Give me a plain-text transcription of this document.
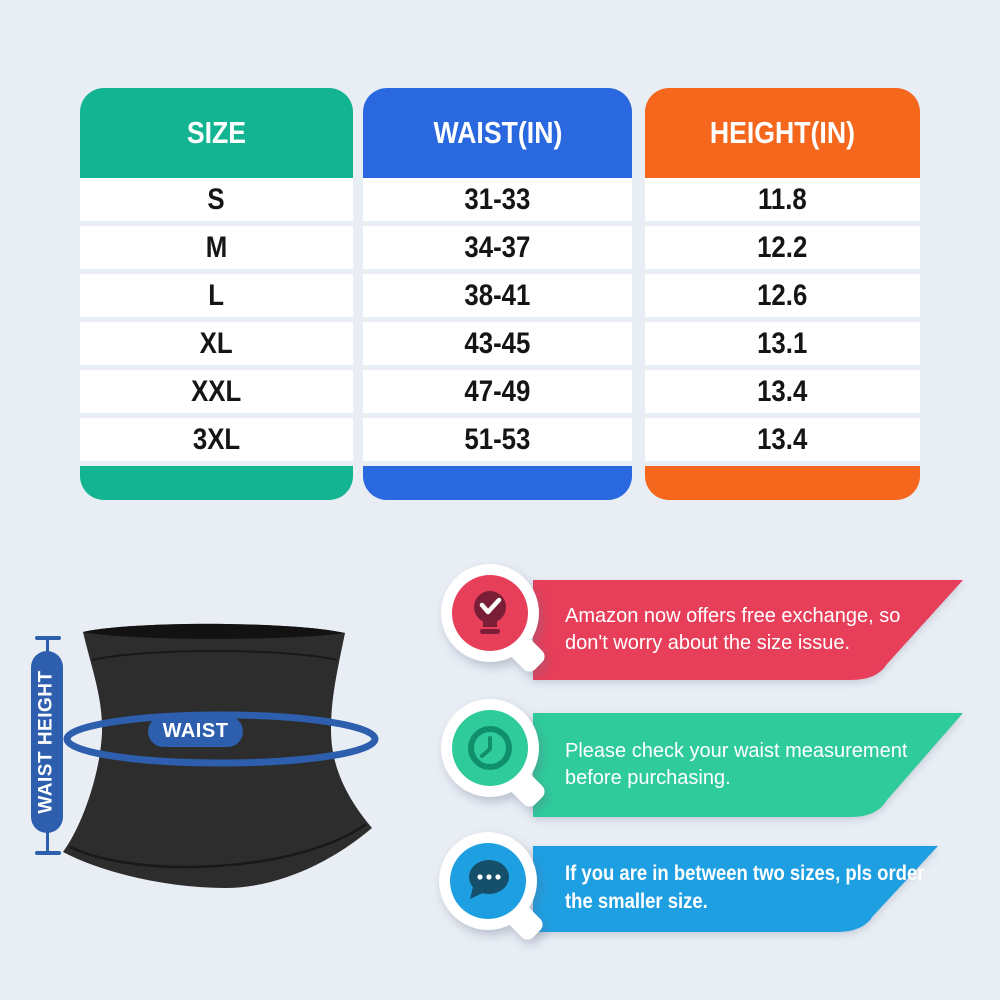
SIZE
S
M
L
XL
XXL
3XL
WAIST(IN)
31-33
34-37
38-41
43-45
47-49
51-53
HEIGHT(IN)
11.8
12.2
12.6
13.1
13.4
13.4
WAIST
WAIST HEIGHT
Amazon now offers free exchange, so
don't worry about the size issue.
Please check your waist measurement
before purchasing.
If you are in between two sizes, pls order
the smaller size.
